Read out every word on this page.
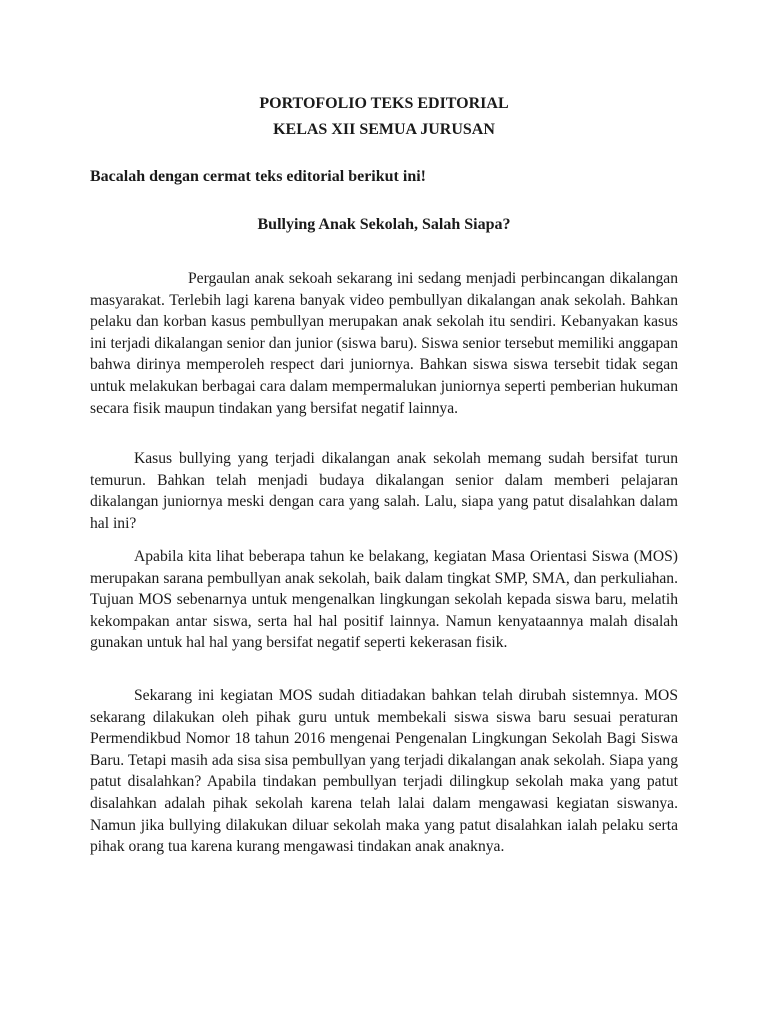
PORTOFOLIO TEKS EDITORIAL
KELAS XII SEMUA JURUSAN
Bacalah dengan cermat teks editorial berikut ini!
Bullying Anak Sekolah, Salah Siapa?

Pergaulan anak sekoah sekarang ini sedang menjadi perbincangan dikalangan masyarakat. Terlebih lagi karena banyak video pembullyan dikalangan anak sekolah. Bahkan pelaku dan korban kasus pembullyan merupakan anak sekolah itu sendiri. Kebanyakan kasus ini terjadi dikalangan senior dan junior (siswa baru). Siswa senior tersebut memiliki anggapan bahwa dirinya memperoleh respect dari juniornya. Bahkan siswa siswa tersebit tidak segan untuk melakukan berbagai cara dalam mempermalukan juniornya seperti pemberian hukuman secara fisik maupun tindakan yang bersifat negatif lainnya.

Kasus bullying yang terjadi dikalangan anak sekolah memang sudah bersifat turun temurun. Bahkan telah menjadi budaya dikalangan senior dalam memberi pelajaran dikalangan juniornya meski dengan cara yang salah. Lalu, siapa yang patut disalahkan dalam hal ini?

Apabila kita lihat beberapa tahun ke belakang, kegiatan Masa Orientasi Siswa (MOS) merupakan sarana pembullyan anak sekolah, baik dalam tingkat SMP, SMA, dan perkuliahan. Tujuan MOS sebenarnya untuk mengenalkan lingkungan sekolah kepada siswa baru, melatih kekompakan antar siswa, serta hal hal positif lainnya. Namun kenyataannya malah disalah gunakan untuk hal hal yang bersifat negatif seperti kekerasan fisik.

Sekarang ini kegiatan MOS sudah ditiadakan bahkan telah dirubah sistemnya. MOS sekarang dilakukan oleh pihak guru untuk membekali siswa siswa baru sesuai peraturan Permendikbud Nomor 18 tahun 2016 mengenai Pengenalan Lingkungan Sekolah Bagi Siswa Baru. Tetapi masih ada sisa sisa pembullyan yang terjadi dikalangan anak sekolah. Siapa yang patut disalahkan? Apabila tindakan pembullyan terjadi dilingkup sekolah maka yang patut disalahkan adalah pihak sekolah karena telah lalai dalam mengawasi kegiatan siswanya. Namun jika bullying dilakukan diluar sekolah maka yang patut disalahkan ialah pelaku serta pihak orang tua karena kurang mengawasi tindakan anak anaknya.
